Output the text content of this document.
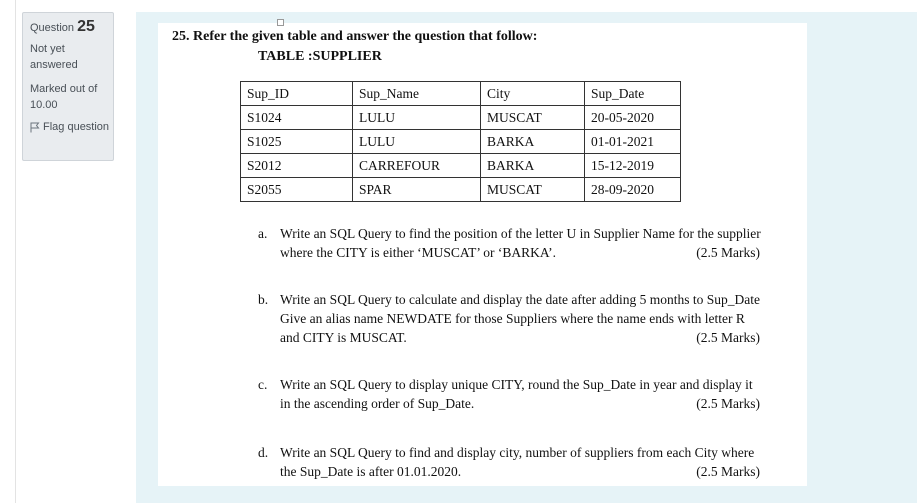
Question 25
Not yet answered
Marked out of 10.00
Flag question
25. Refer the given table and answer the question that follow:
TABLE :SUPPLIER
Sup_ID	Sup_Name	City	Sup_Date
S1024	LULU	MUSCAT	20-05-2020
S1025	LULU	BARKA	01-01-2021
S2012	CARREFOUR	BARKA	15-12-2019
S2055	SPAR	MUSCAT	28-09-2020
a. Write an SQL Query to find the position of the letter U in Supplier Name for the supplier
where the CITY is either ‘MUSCAT’ or ‘BARKA’.	(2.5 Marks)
b. Write an SQL Query to calculate and display the date after adding 5 months to Sup_Date
Give an alias name NEWDATE for those Suppliers where the name ends with letter R
and CITY is MUSCAT.	(2.5 Marks)
c. Write an SQL Query to display unique CITY, round the Sup_Date in year and display it
in the ascending order of Sup_Date.	(2.5 Marks)
d. Write an SQL Query to find and display city, number of suppliers from each City where
the Sup_Date is after 01.01.2020.	(2.5 Marks)
